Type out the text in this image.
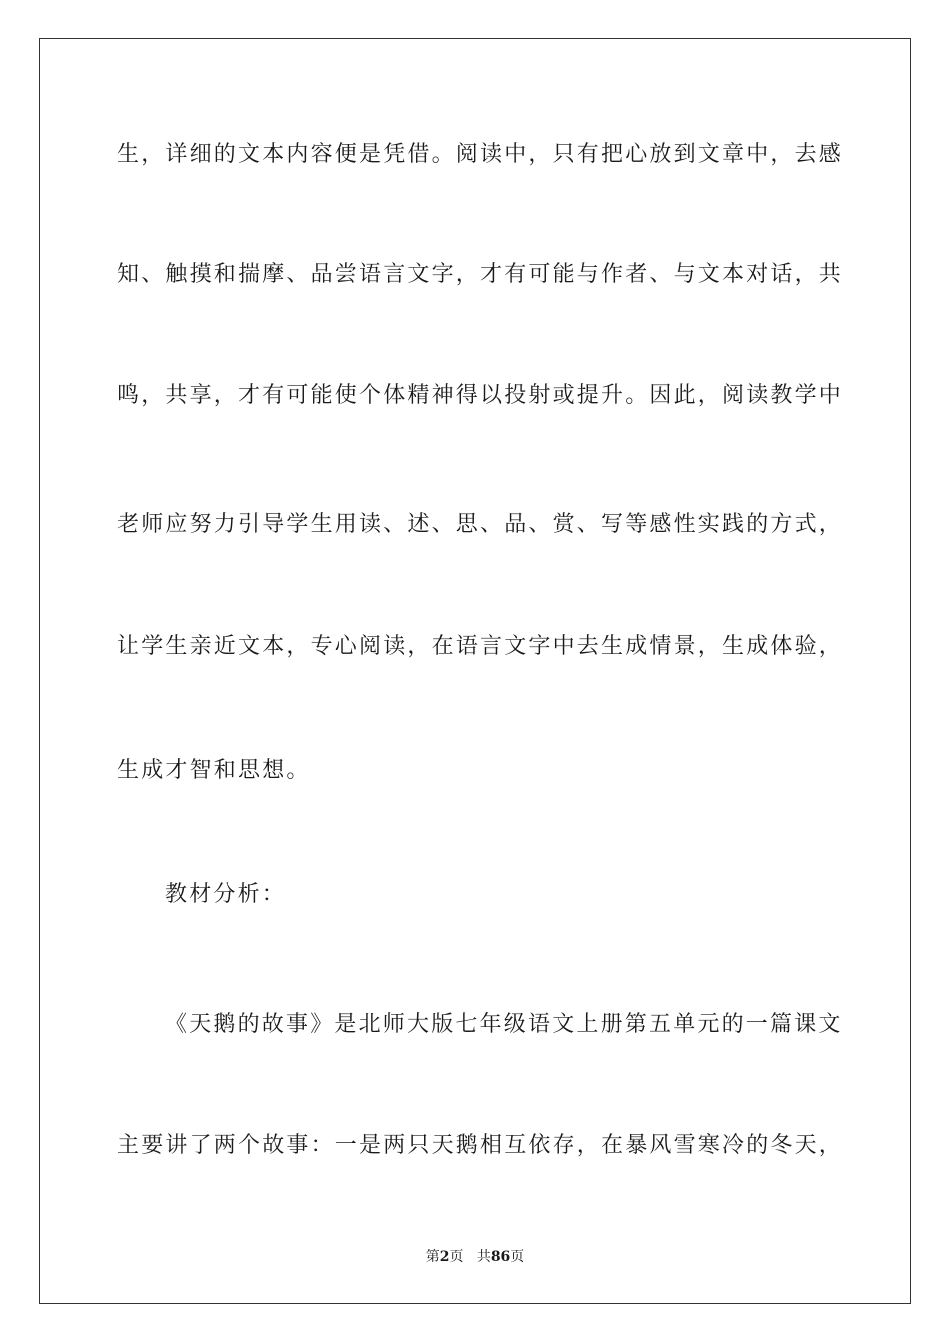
生，详细的文本内容便是凭借。阅读中，只有把心放到文章中，去感
知、触摸和揣摩、品尝语言文字，才有可能与作者、与文本对话，共
鸣，共享，才有可能使个体精神得以投射或提升。因此，阅读教学中
老师应努力引导学生用读、述、思、品、赏、写等感性实践的方式，
让学生亲近文本，专心阅读，在语言文字中去生成情景，生成体验，
生成才智和思想。
教材分析：
《天鹅的故事》是北师大版七年级语文上册第五单元的一篇课文
主要讲了两个故事：一是两只天鹅相互依存，在暴风雪寒冷的冬天，
第2页 共86页
